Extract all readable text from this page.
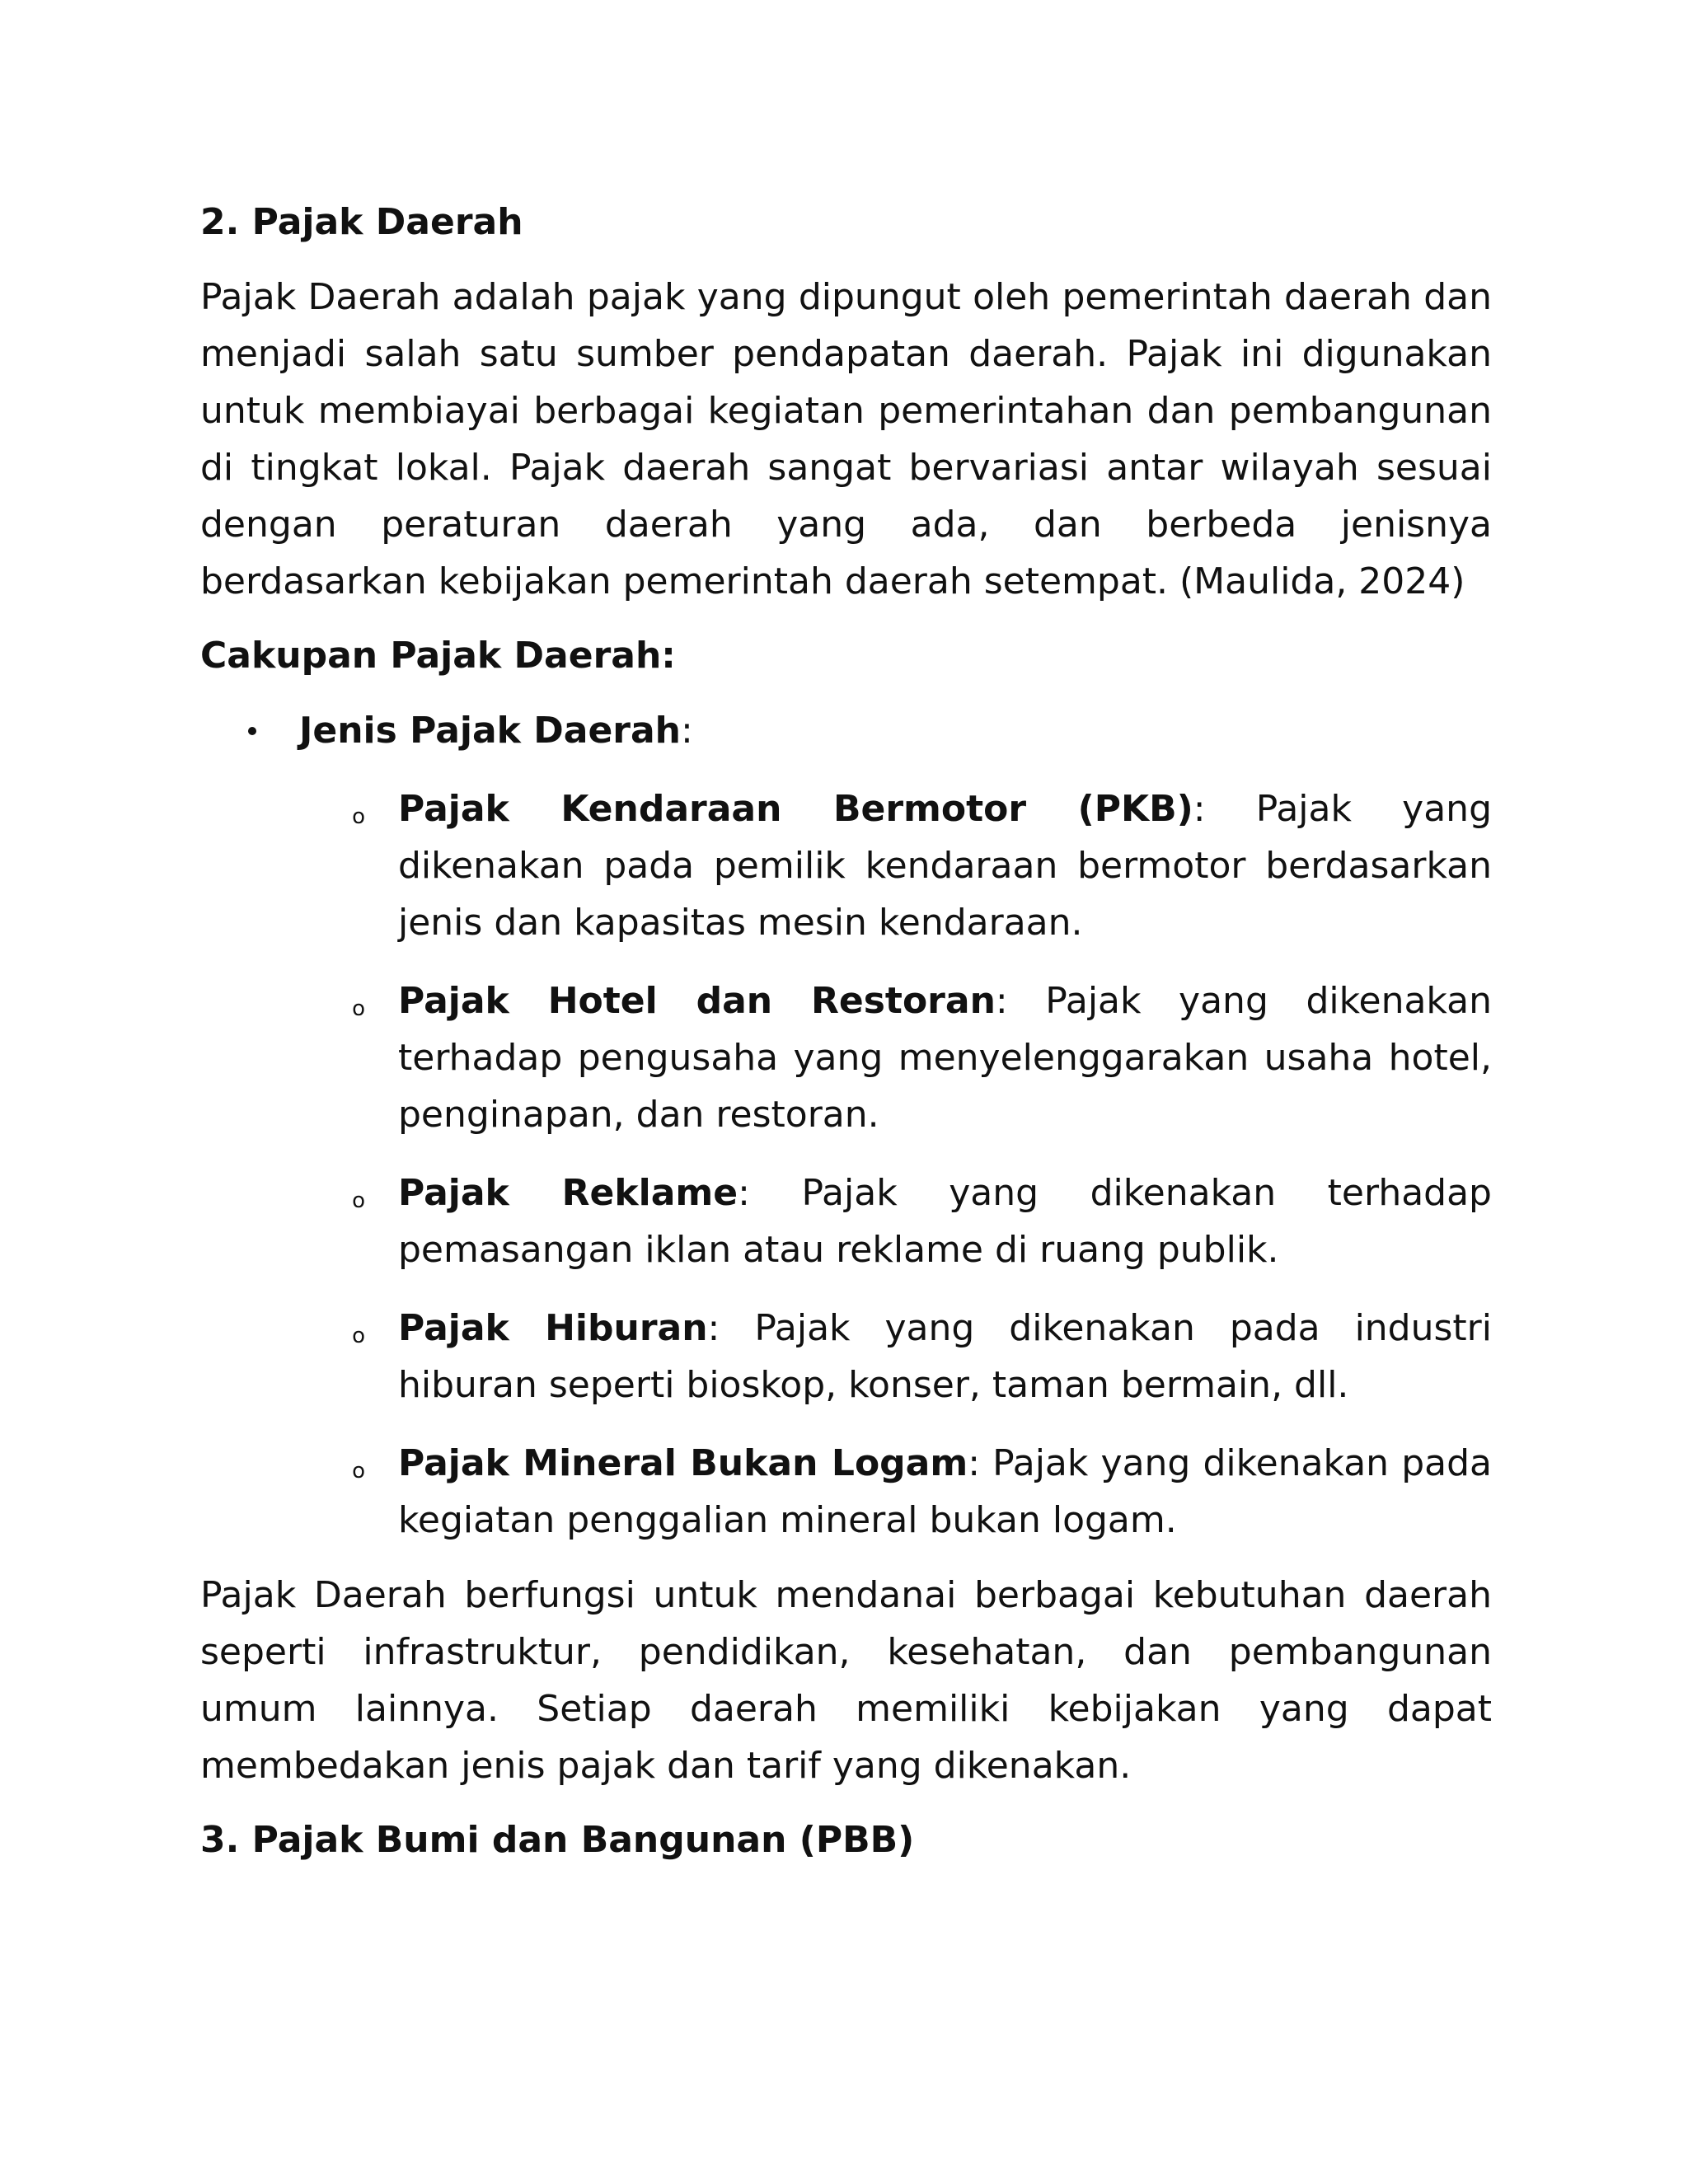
2. Pajak Daerah

Pajak Daerah adalah pajak yang dipungut oleh pemerintah daerah dan menjadi salah satu sumber pendapatan daerah. Pajak ini digunakan untuk membiayai berbagai kegiatan pemerintahan dan pembangunan di tingkat lokal. Pajak daerah sangat bervariasi antar wilayah sesuai dengan peraturan daerah yang ada, dan berbeda jenisnya berdasarkan kebijakan pemerintah daerah setempat. (Maulida, 2024)

Cakupan Pajak Daerah:
Jenis Pajak Daerah:
o Pajak Kendaraan Bermotor (PKB): Pajak yang dikenakan pada pemilik kendaraan bermotor berdasarkan jenis dan kapasitas mesin kendaraan.
o Pajak Hotel dan Restoran: Pajak yang dikenakan terhadap pengusaha yang menyelenggarakan usaha hotel, penginapan, dan restoran.
o Pajak Reklame: Pajak yang dikenakan terhadap pemasangan iklan atau reklame di ruang publik.
o Pajak Hiburan: Pajak yang dikenakan pada industri hiburan seperti bioskop, konser, taman bermain, dll.
o Pajak Mineral Bukan Logam: Pajak yang dikenakan pada kegiatan penggalian mineral bukan logam.

Pajak Daerah berfungsi untuk mendanai berbagai kebutuhan daerah seperti infrastruktur, pendidikan, kesehatan, dan pembangunan umum lainnya. Setiap daerah memiliki kebijakan yang dapat membedakan jenis pajak dan tarif yang dikenakan.

3. Pajak Bumi dan Bangunan (PBB)
